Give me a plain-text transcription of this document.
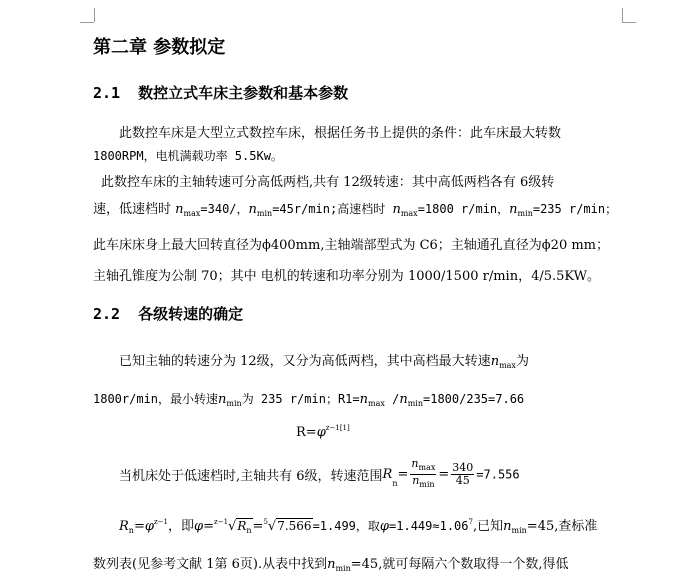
第二章 参数拟定
2.1 数控立式车床主参数和基本参数
此数控车床是大型立式数控车床，根据任务书上提供的条件：此车床最大转数
1800RPM，电机满载功率 5.5Kw。
此数控车床的主轴转速可分高低两档,共有 12级转速：其中高低两档各有 6级转
速，低速档时 $n_{max}=340/$，$n_{min}=45r/\min$;高速档时 $n_{max}=1800$ r/min，$n_{min}=235$ r/min；
此车床床身上最大回转直径为ϕ400mm,主轴端部型式为 C6；主轴通孔直径为ϕ20 mm；
主轴孔锥度为公制 70；其中 电机的转速和功率分别为 1000/1500 r/min，4/5.5KW。
2.2 各级转速的确定
已知主轴的转速分为 12级，又分为高低两档，其中高档最大转速$n_{max}$为
1800r/min，最小转速$n_{min}$为 235 r/min；$R1=n_{max}$ $/n_{min}=1800/235=7.66$
$R=\varphi^{z-1[1]}$
当机床处于低速档时,主轴共有 6级，转速范围$R_n= \frac{n_{max}}{n_{min}} = \frac{340}{45} =7.556$
$R_n=\varphi^{z-1}$，即$\varphi=^{z-1}√R_n=^5√7.566=1.499$，取$\varphi=1.449\approx 1.06^7$,已知$n_{min}=45$,查标准
数列表(见参考文献 1第 6页).从表中找到$n_{min}=45$,就可每隔六个数取得一个数,得低
